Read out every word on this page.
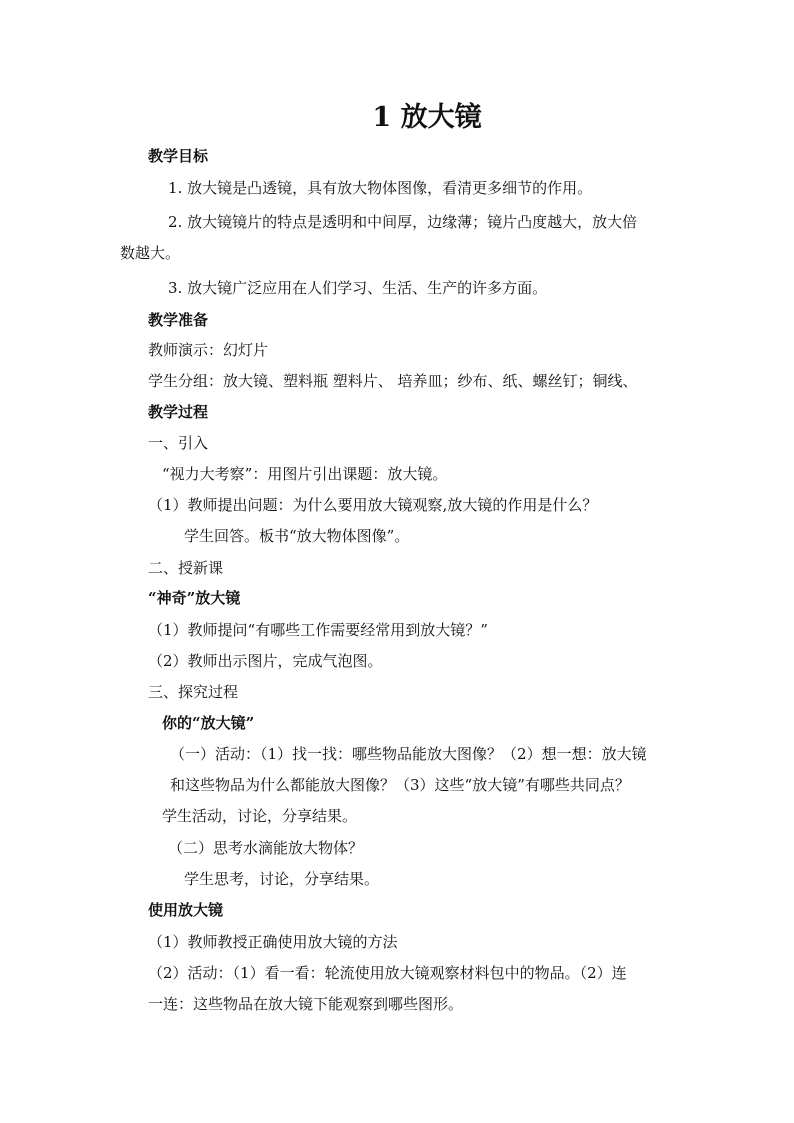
1 放大镜
教学目标
1. 放大镜是凸透镜，具有放大物体图像，看清更多细节的作用。
2. 放大镜镜片的特点是透明和中间厚，边缘薄；镜片凸度越大，放大倍
数越大。
3. 放大镜广泛应用在人们学习、生活、生产的许多方面。
教学准备
教师演示：幻灯片
学生分组：放大镜、塑料瓶 塑料片、 培养皿；纱布、纸、螺丝钉；铜线、
教学过程
一、引入
“视力大考察”：用图片引出课题：放大镜。
（1）教师提出问题：为什么要用放大镜观察,放大镜的作用是什么？
学生回答。板书“放大物体图像”。
二、授新课
“神奇”放大镜
（1）教师提问“有哪些工作需要经常用到放大镜？”
（2）教师出示图片，完成气泡图。
三、探究过程
你的“放大镜”
（一）活动：（1）找一找：哪些物品能放大图像？（2）想一想：放大镜
和这些物品为什么都能放大图像？（3）这些“放大镜”有哪些共同点？
学生活动，讨论，分享结果。
（二）思考水滴能放大物体？
学生思考，讨论，分享结果。
使用放大镜
（1）教师教授正确使用放大镜的方法
（2）活动：（1）看一看：轮流使用放大镜观察材料包中的物品。（2）连
一连：这些物品在放大镜下能观察到哪些图形。
